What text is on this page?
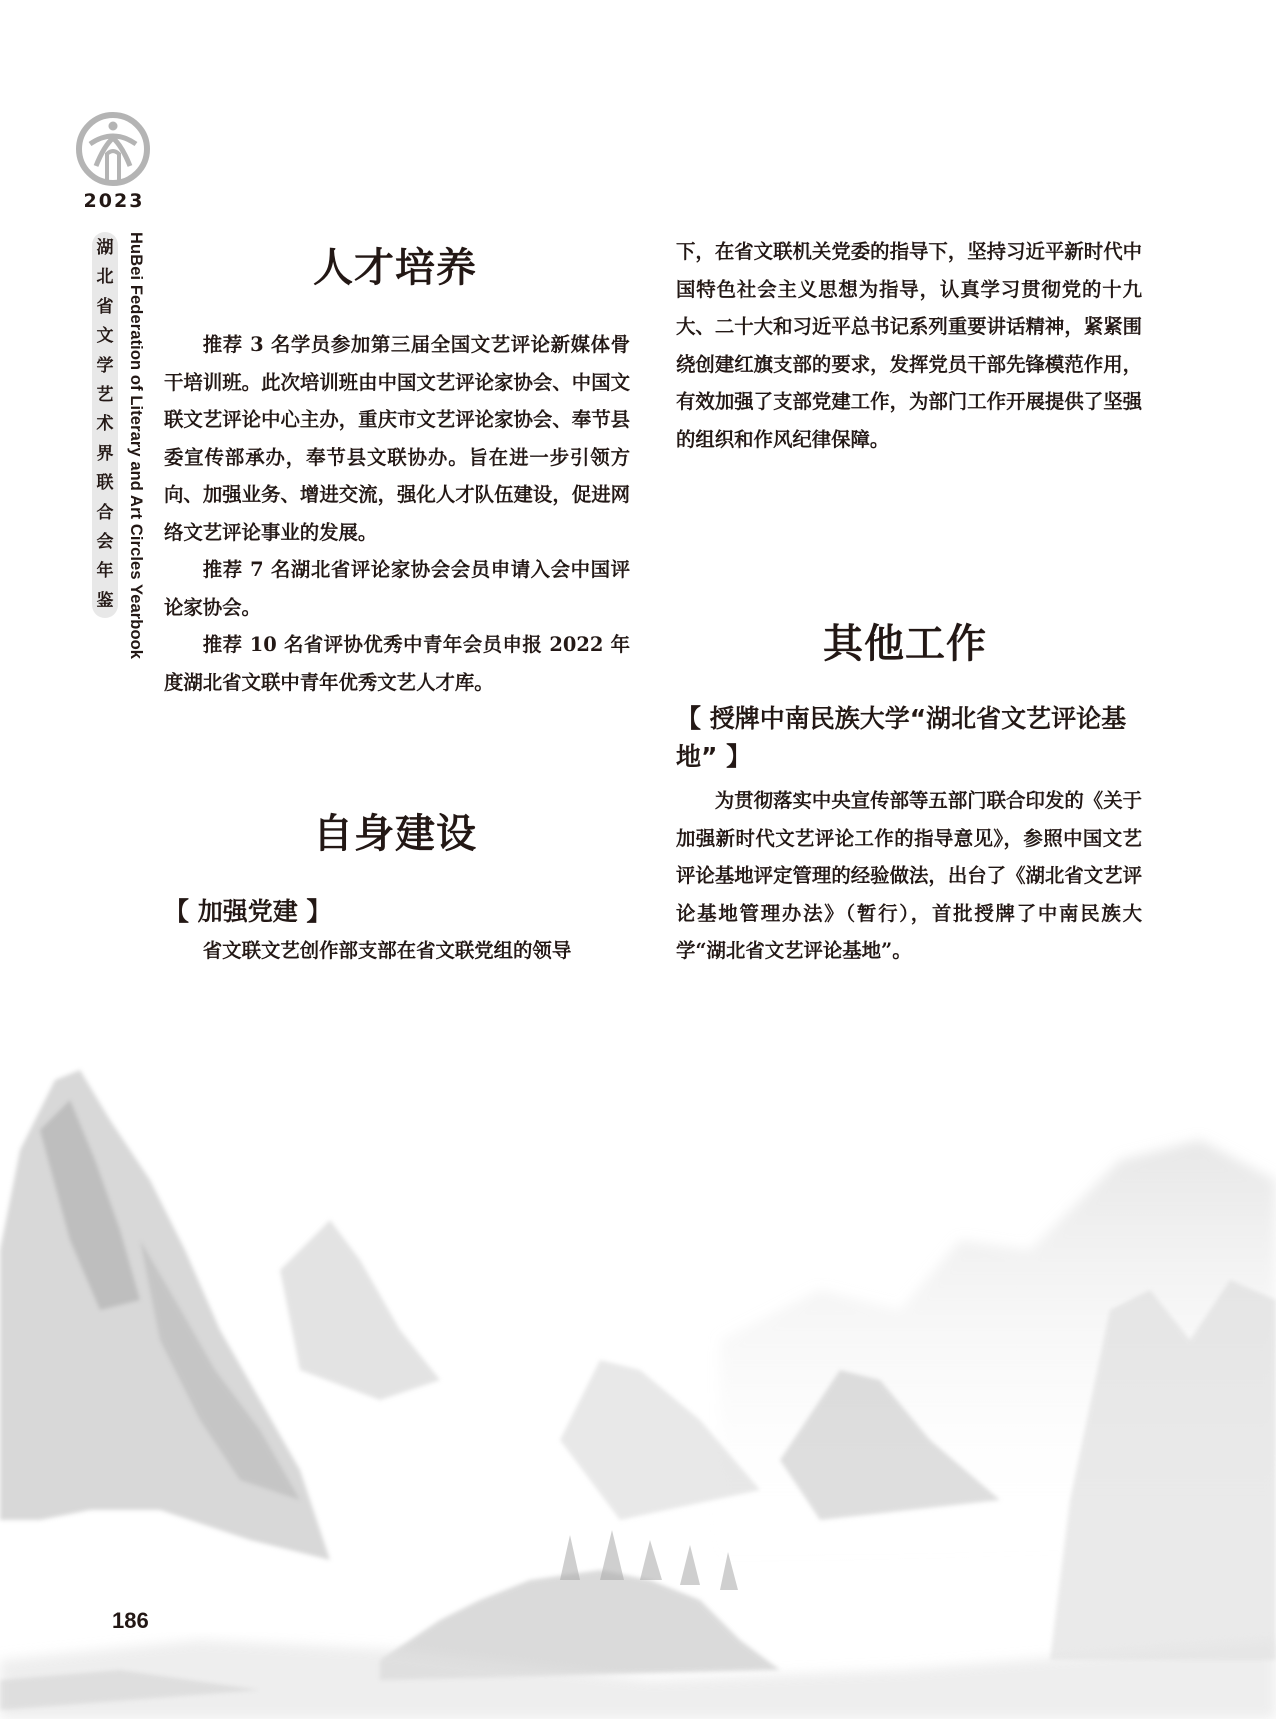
2023
湖
北
省
文
学
艺
术
界
联
合
会
年
鉴 HuBei Federation of Literary and Art Circles Yearbook	人才培养

推荐 3 名学员参加第三届全国文艺评论新媒体骨干培训班。此次培训班由中国文艺评论家协会、中国文联文艺评论中心主办，重庆市文艺评论家协会、奉节县委宣传部承办，奉节县文联协办。旨在进一步引领方向、加强业务、增进交流，强化人才队伍建设，促进网络文艺评论事业的发展。

推荐 7 名湖北省评论家协会会员申请入会中国评论家协会。

推荐 10 名省评协优秀中青年会员申报 2022 年度湖北省文联中青年优秀文艺人才库。

自身建设
【 加强党建 】

省文联文艺创作部支部在省文联党组的领导

下，在省文联机关党委的指导下，坚持习近平新时代中国特色社会主义思想为指导，认真学习贯彻党的十九大、二十大和习近平总书记系列重要讲话精神，紧紧围绕创建红旗支部的要求，发挥党员干部先锋模范作用，有效加强了支部党建工作，为部门工作开展提供了坚强的组织和作风纪律保障。

其他工作
【 授牌中南民族大学“湖北省文艺评论基地” 】

为贯彻落实中央宣传部等五部门联合印发的《关于加强新时代文艺评论工作的指导意见》，参照中国文艺评论基地评定管理的经验做法，出台了《湖北省文艺评论基地管理办法》（暂行），首批授牌了中南民族大学“湖北省文艺评论基地”。

186
